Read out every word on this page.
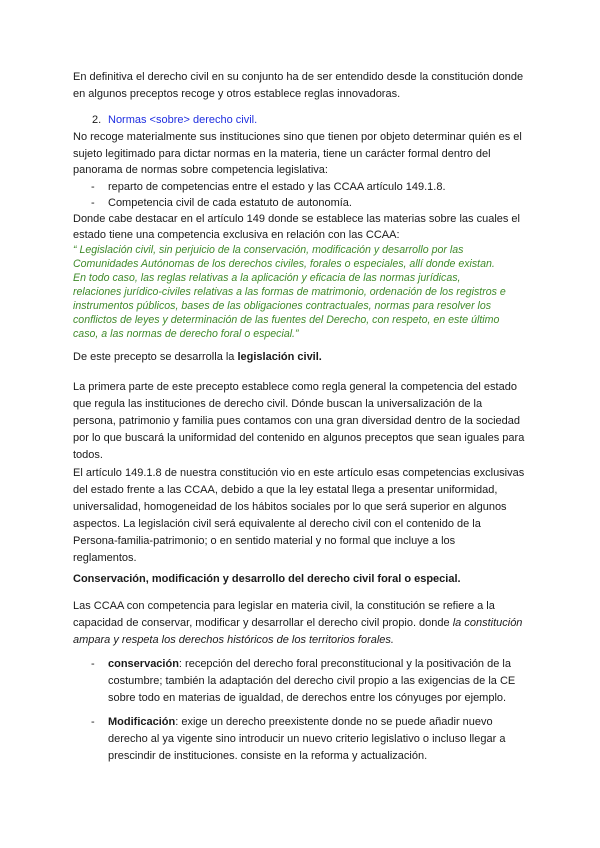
En definitiva el derecho civil en su conjunto ha de ser entendido desde la constitución donde
en algunos preceptos recoge y otros establece reglas innovadoras.
2. Normas <sobre> derecho civil.
No recoge materialmente sus instituciones sino que tienen por objeto determinar quién es el
sujeto legitimado para dictar normas en la materia, tiene un carácter formal dentro del
panorama de normas sobre competencia legislativa:
- reparto de competencias entre el estado y las CCAA artículo 149.1.8.
- Competencia civil de cada estatuto de autonomía.
Donde cabe destacar en el artículo 149 donde se establece las materias sobre las cuales el
estado tiene una competencia exclusiva en relación con las CCAA:
“ Legislación civil, sin perjuicio de la conservación, modificación y desarrollo por las
Comunidades Autónomas de los derechos civiles, forales o especiales, allí donde existan.
En todo caso, las reglas relativas a la aplicación y eficacia de las normas jurídicas,
relaciones jurídico-civiles relativas a las formas de matrimonio, ordenación de los registros e
instrumentos públicos, bases de las obligaciones contractuales, normas para resolver los
conflictos de leyes y determinación de las fuentes del Derecho, con respeto, en este último
caso, a las normas de derecho foral o especial.”
De este precepto se desarrolla la legislación civil.
La primera parte de este precepto establece como regla general la competencia del estado
que regula las instituciones de derecho civil. Dónde buscan la universalización de la
persona, patrimonio y familia pues contamos con una gran diversidad dentro de la sociedad
por lo que buscará la uniformidad del contenido en algunos preceptos que sean iguales para
todos.
El artículo 149.1.8 de nuestra constitución vio en este artículo esas competencias exclusivas
del estado frente a las CCAA, debido a que la ley estatal llega a presentar uniformidad,
universalidad, homogeneidad de los hábitos sociales por lo que será superior en algunos
aspectos. La legislación civil será equivalente al derecho civil con el contenido de la
Persona-familia-patrimonio; o en sentido material y no formal que incluye a los
reglamentos.
Conservación, modificación y desarrollo del derecho civil foral o especial.
Las CCAA con competencia para legislar en materia civil, la constitución se refiere a la
capacidad de conservar, modificar y desarrollar el derecho civil propio. donde la constitución
ampara y respeta los derechos históricos de los territorios forales.
- conservación: recepción del derecho foral preconstitucional y la positivación de la
costumbre; también la adaptación del derecho civil propio a las exigencias de la CE
sobre todo en materias de igualdad, de derechos entre los cónyuges por ejemplo.
- Modificación: exige un derecho preexistente donde no se puede añadir nuevo
derecho al ya vigente sino introducir un nuevo criterio legislativo o incluso llegar a
prescindir de instituciones. consiste en la reforma y actualización.
